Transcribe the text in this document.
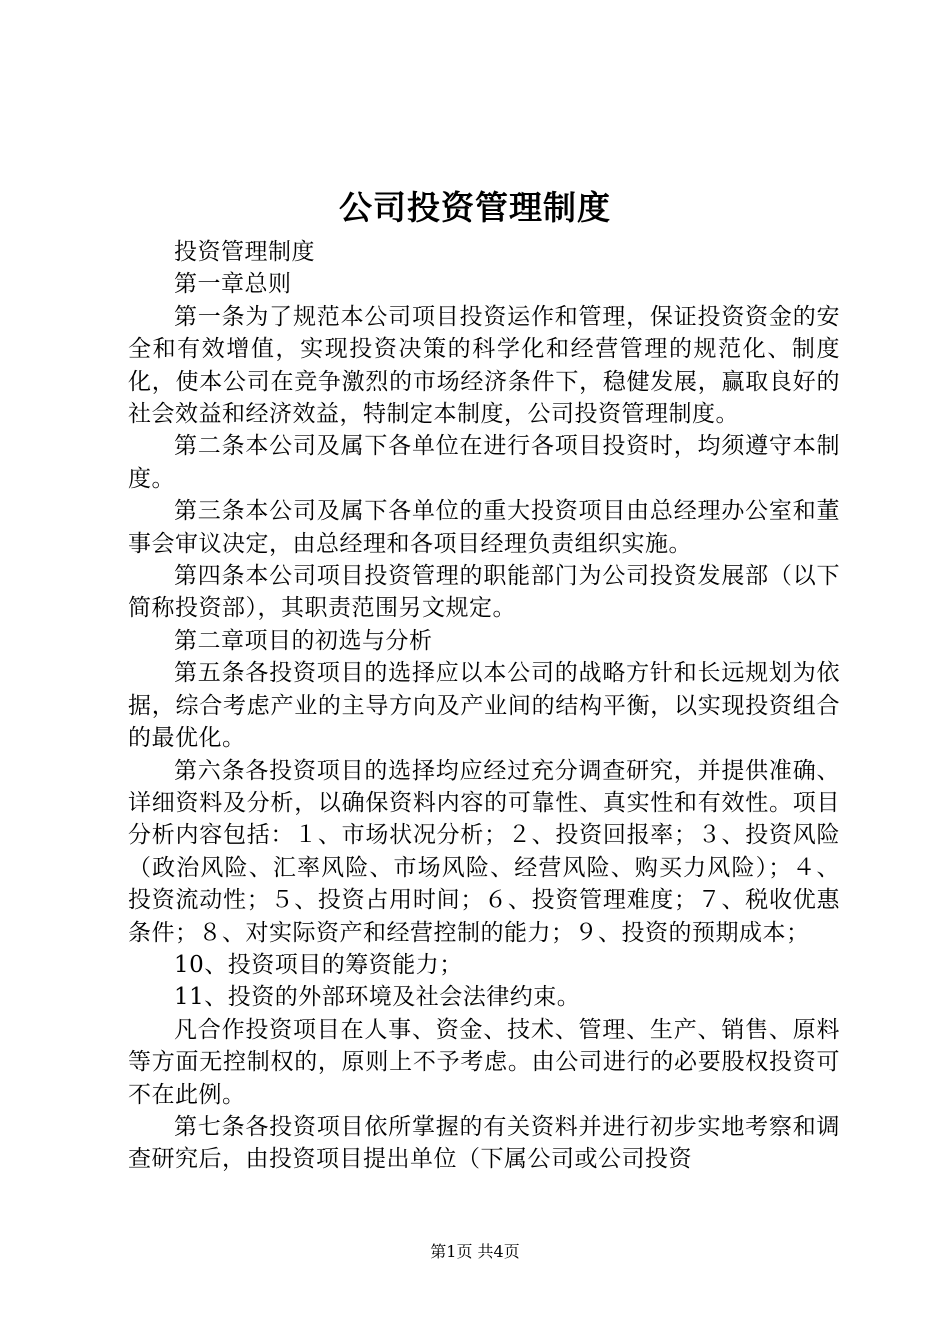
公司投资管理制度

投资管理制度

第一章总则

第一条为了规范本公司项目投资运作和管理，保证投资资金的安全和有效增值，实现投资决策的科学化和经营管理的规范化、制度化，使本公司在竞争激烈的市场经济条件下，稳健发展，赢取良好的社会效益和经济效益，特制定本制度，公司投资管理制度。

第二条本公司及属下各单位在进行各项目投资时，均须遵守本制度。

第三条本公司及属下各单位的重大投资项目由总经理办公室和董事会审议决定，由总经理和各项目经理负责组织实施。

第四条本公司项目投资管理的职能部门为公司投资发展部（以下简称投资部），其职责范围另文规定。

第二章项目的初选与分析

第五条各投资项目的选择应以本公司的战略方针和长远规划为依据，综合考虑产业的主导方向及产业间的结构平衡，以实现投资组合的最优化。

第六条各投资项目的选择均应经过充分调查研究，并提供准确、详细资料及分析，以确保资料内容的可靠性、真实性和有效性。项目分析内容包括：１、市场状况分析；２、投资回报率；３、投资风险（政治风险、汇率风险、市场风险、经营风险、购买力风险）；４、投资流动性；５、投资占用时间；６、投资管理难度；７、税收优惠条件；８、对实际资产和经营控制的能力；９、投资的预期成本；

10、投资项目的筹资能力；

11、投资的外部环境及社会法律约束。

凡合作投资项目在人事、资金、技术、管理、生产、销售、原料等方面无控制权的，原则上不予考虑。由公司进行的必要股权投资可不在此例。

第七条各投资项目依所掌握的有关资料并进行初步实地考察和调查研究后，由投资项目提出单位（下属公司或公司投资

第1页 共4页
